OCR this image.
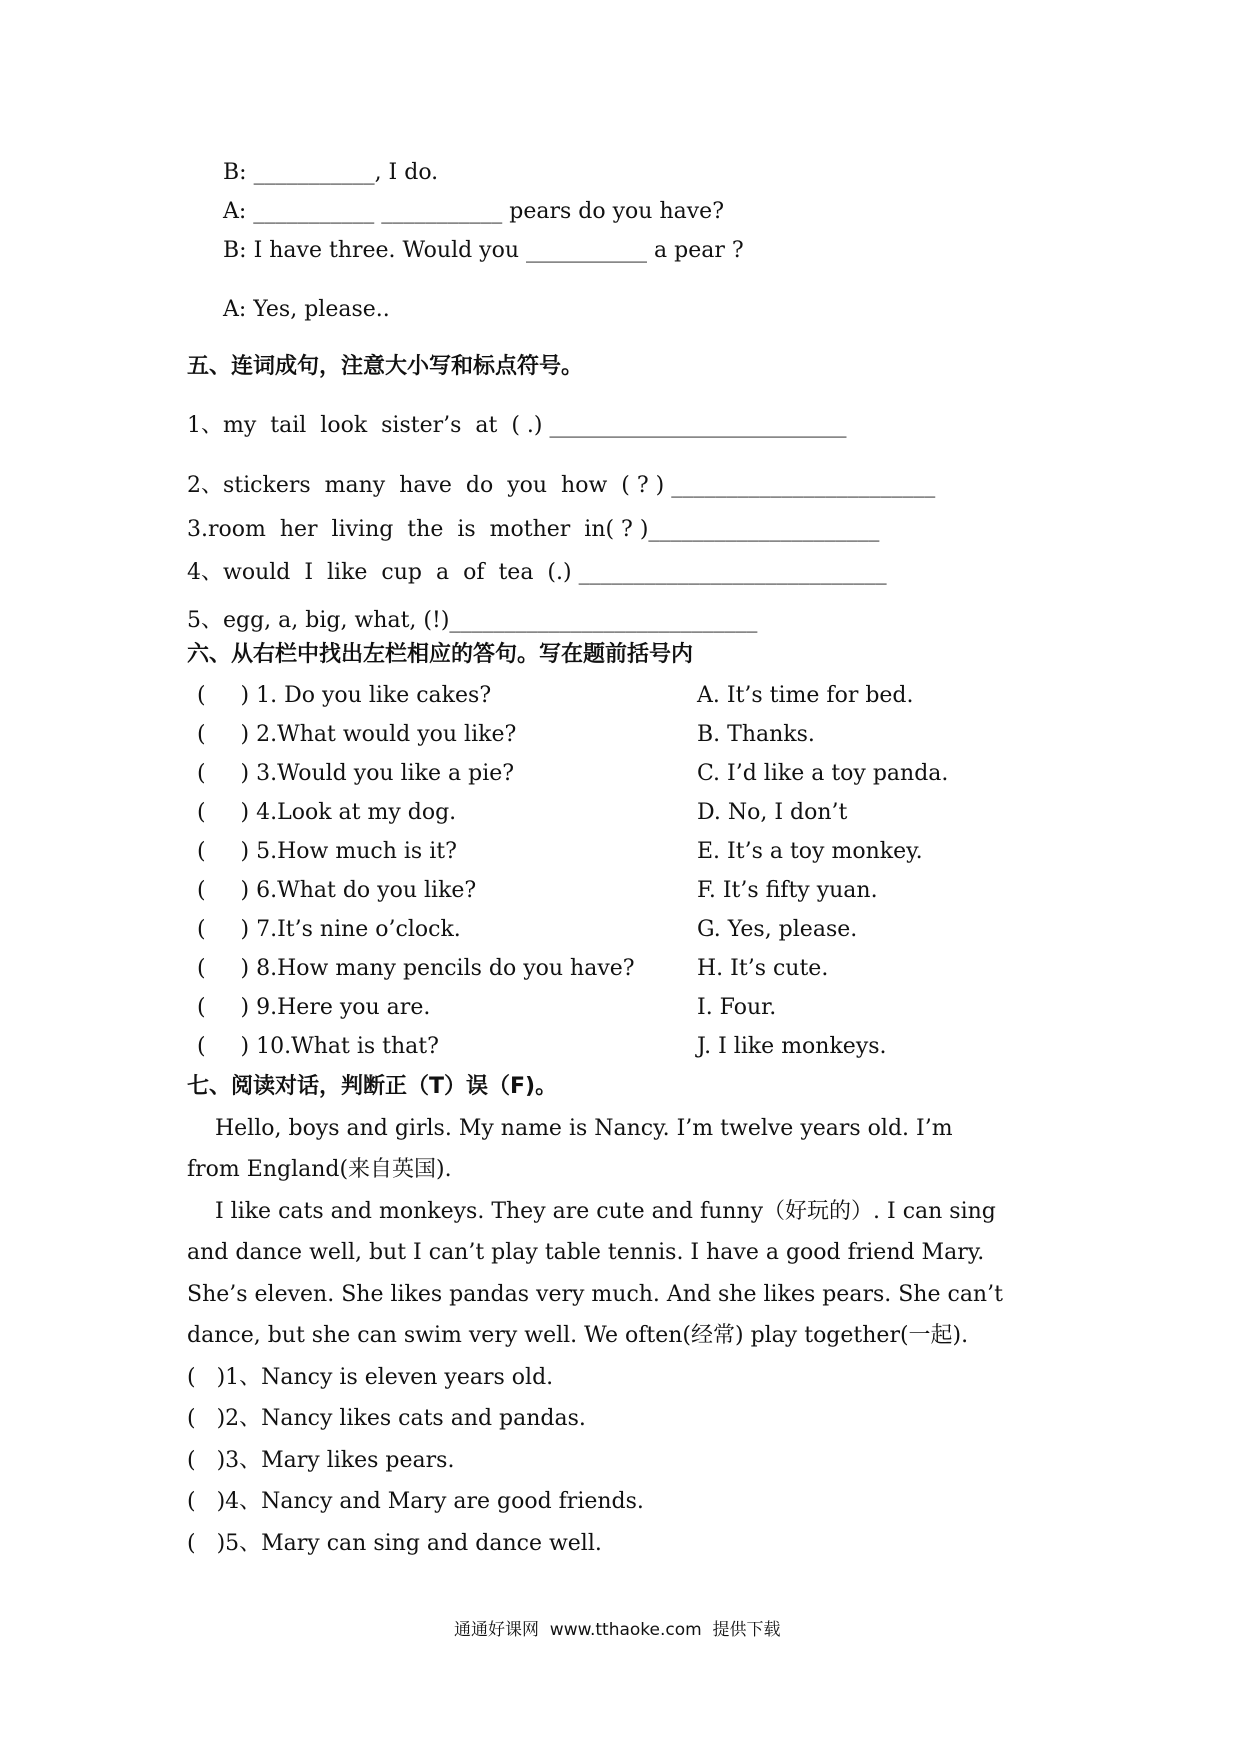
B: ___________, I do.
A: ___________ ___________ pears do you have?
B: I have three. Would you ___________ a pear ?
A: Yes, please..
五、连词成句，注意大小写和标点符号。
1、my  tail  look  sister’s  at  ( .) ___________________________
2、stickers  many  have  do  you  how  ( ? ) ________________________
3.room  her  living  the  is  mother  in( ? )_____________________
4、would  I  like  cup  a  of  tea  (.) ____________________________
5、egg, a, big, what, (!)____________________________
六、从右栏中找出左栏相应的答句。写在题前括号内
(     ) 1. Do you like cakes?
(     ) 2.What would you like?
(     ) 3.Would you like a pie?
(     ) 4.Look at my dog.
(     ) 5.How much is it?
(     ) 6.What do you like?
(     ) 7.It’s nine o’clock.
(     ) 8.How many pencils do you have?
(     ) 9.Here you are.
(     ) 10.What is that?
A. It’s time for bed.
B. Thanks.
C. I’d like a toy panda.
D. No, I don’t
E. It’s a toy monkey.
F. It’s fifty yuan.
G. Yes, please.
H. It’s cute.
I. Four.
J. I like monkeys.
七、阅读对话，判断正（T）误（F)。
Hello, boys and girls. My name is Nancy. I’m twelve years old. I’m
from England(来自英国).
I like cats and monkeys. They are cute and funny（好玩的）. I can sing
and dance well, but I can’t play table tennis. I have a good friend Mary.
She’s eleven. She likes pandas very much. And she likes pears. She can’t
dance, but she can swim very well. We often(经常) play together(一起).
(   )1、Nancy is eleven years old.
(   )2、Nancy likes cats and pandas.
(   )3、Mary likes pears.
(   )4、Nancy and Mary are good friends.
(   )5、Mary can sing and dance well.
通通好课网  www.tthaoke.com  提供下载
